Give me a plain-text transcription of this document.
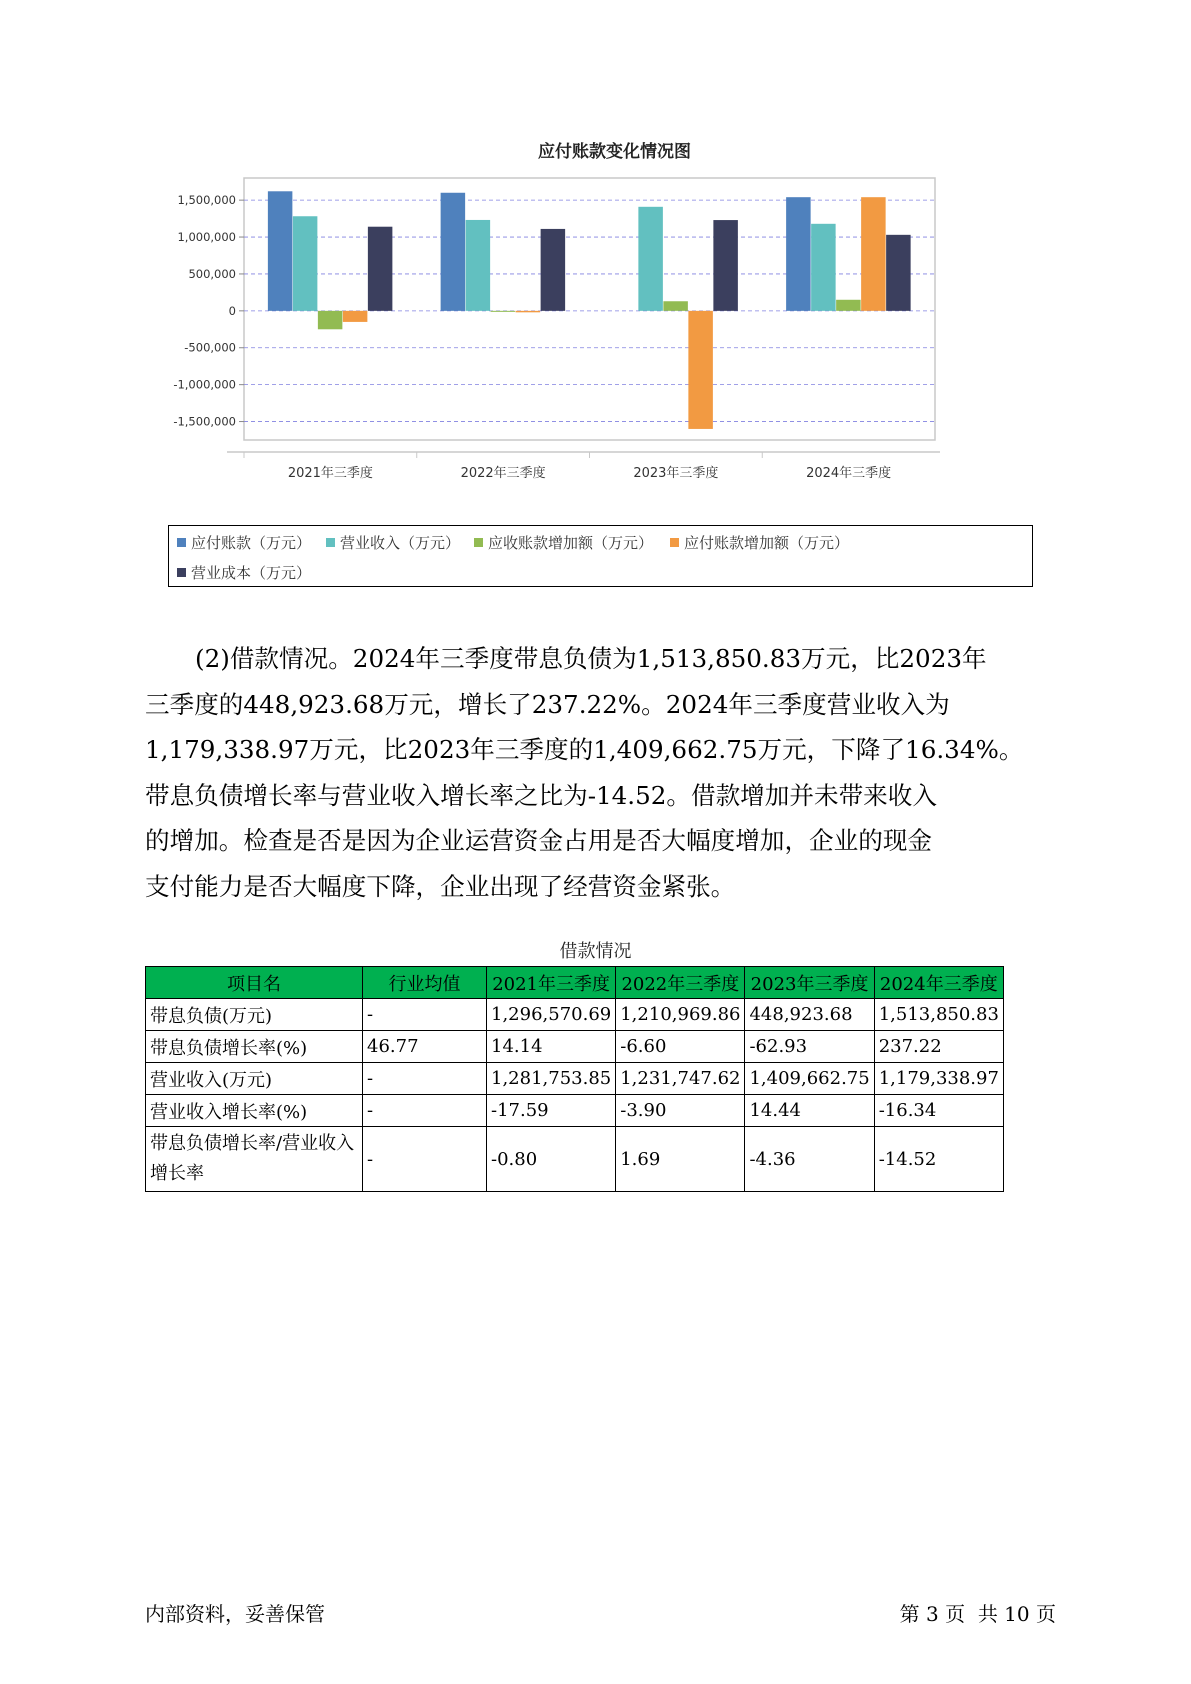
应付账款变化情况图
1,500,000
1,000,000
500,000
0
-500,000
-1,000,000
-1,500,000
2021年三季度	2022年三季度	2023年三季度	2024年三季度
应付账款（万元） 营业收入（万元） 应收账款增加额（万元） 应付账款增加额（万元）
营业成本（万元）
(2)借款情况。2024年三季度带息负债为1,513,850.83万元，比2023年
三季度的448,923.68万元，增长了237.22%。2024年三季度营业收入为
1,179,338.97万元，比2023年三季度的1,409,662.75万元，下降了16.34%。
带息负债增长率与营业收入增长率之比为-14.52。借款增加并未带来收入
的增加。检查是否是因为企业运营资金占用是否大幅度增加，企业的现金
支付能力是否大幅度下降，企业出现了经营资金紧张。
借款情况
项目名	行业均值	2021年三季度	2022年三季度	2023年三季度	2024年三季度
带息负债(万元)	-	1,296,570.69	1,210,969.86	448,923.68	1,513,850.83
带息负债增长率(%)	46.77	14.14	-6.60	-62.93	237.22
营业收入(万元)	-	1,281,753.85	1,231,747.62	1,409,662.75	1,179,338.97
营业收入增长率(%)	-	-17.59	-3.90	14.44	-16.34
带息负债增长率/营业收入增长率	-	-0.80	1.69	-4.36	-14.52
内部资料，妥善保管	第 3 页  共 10 页
